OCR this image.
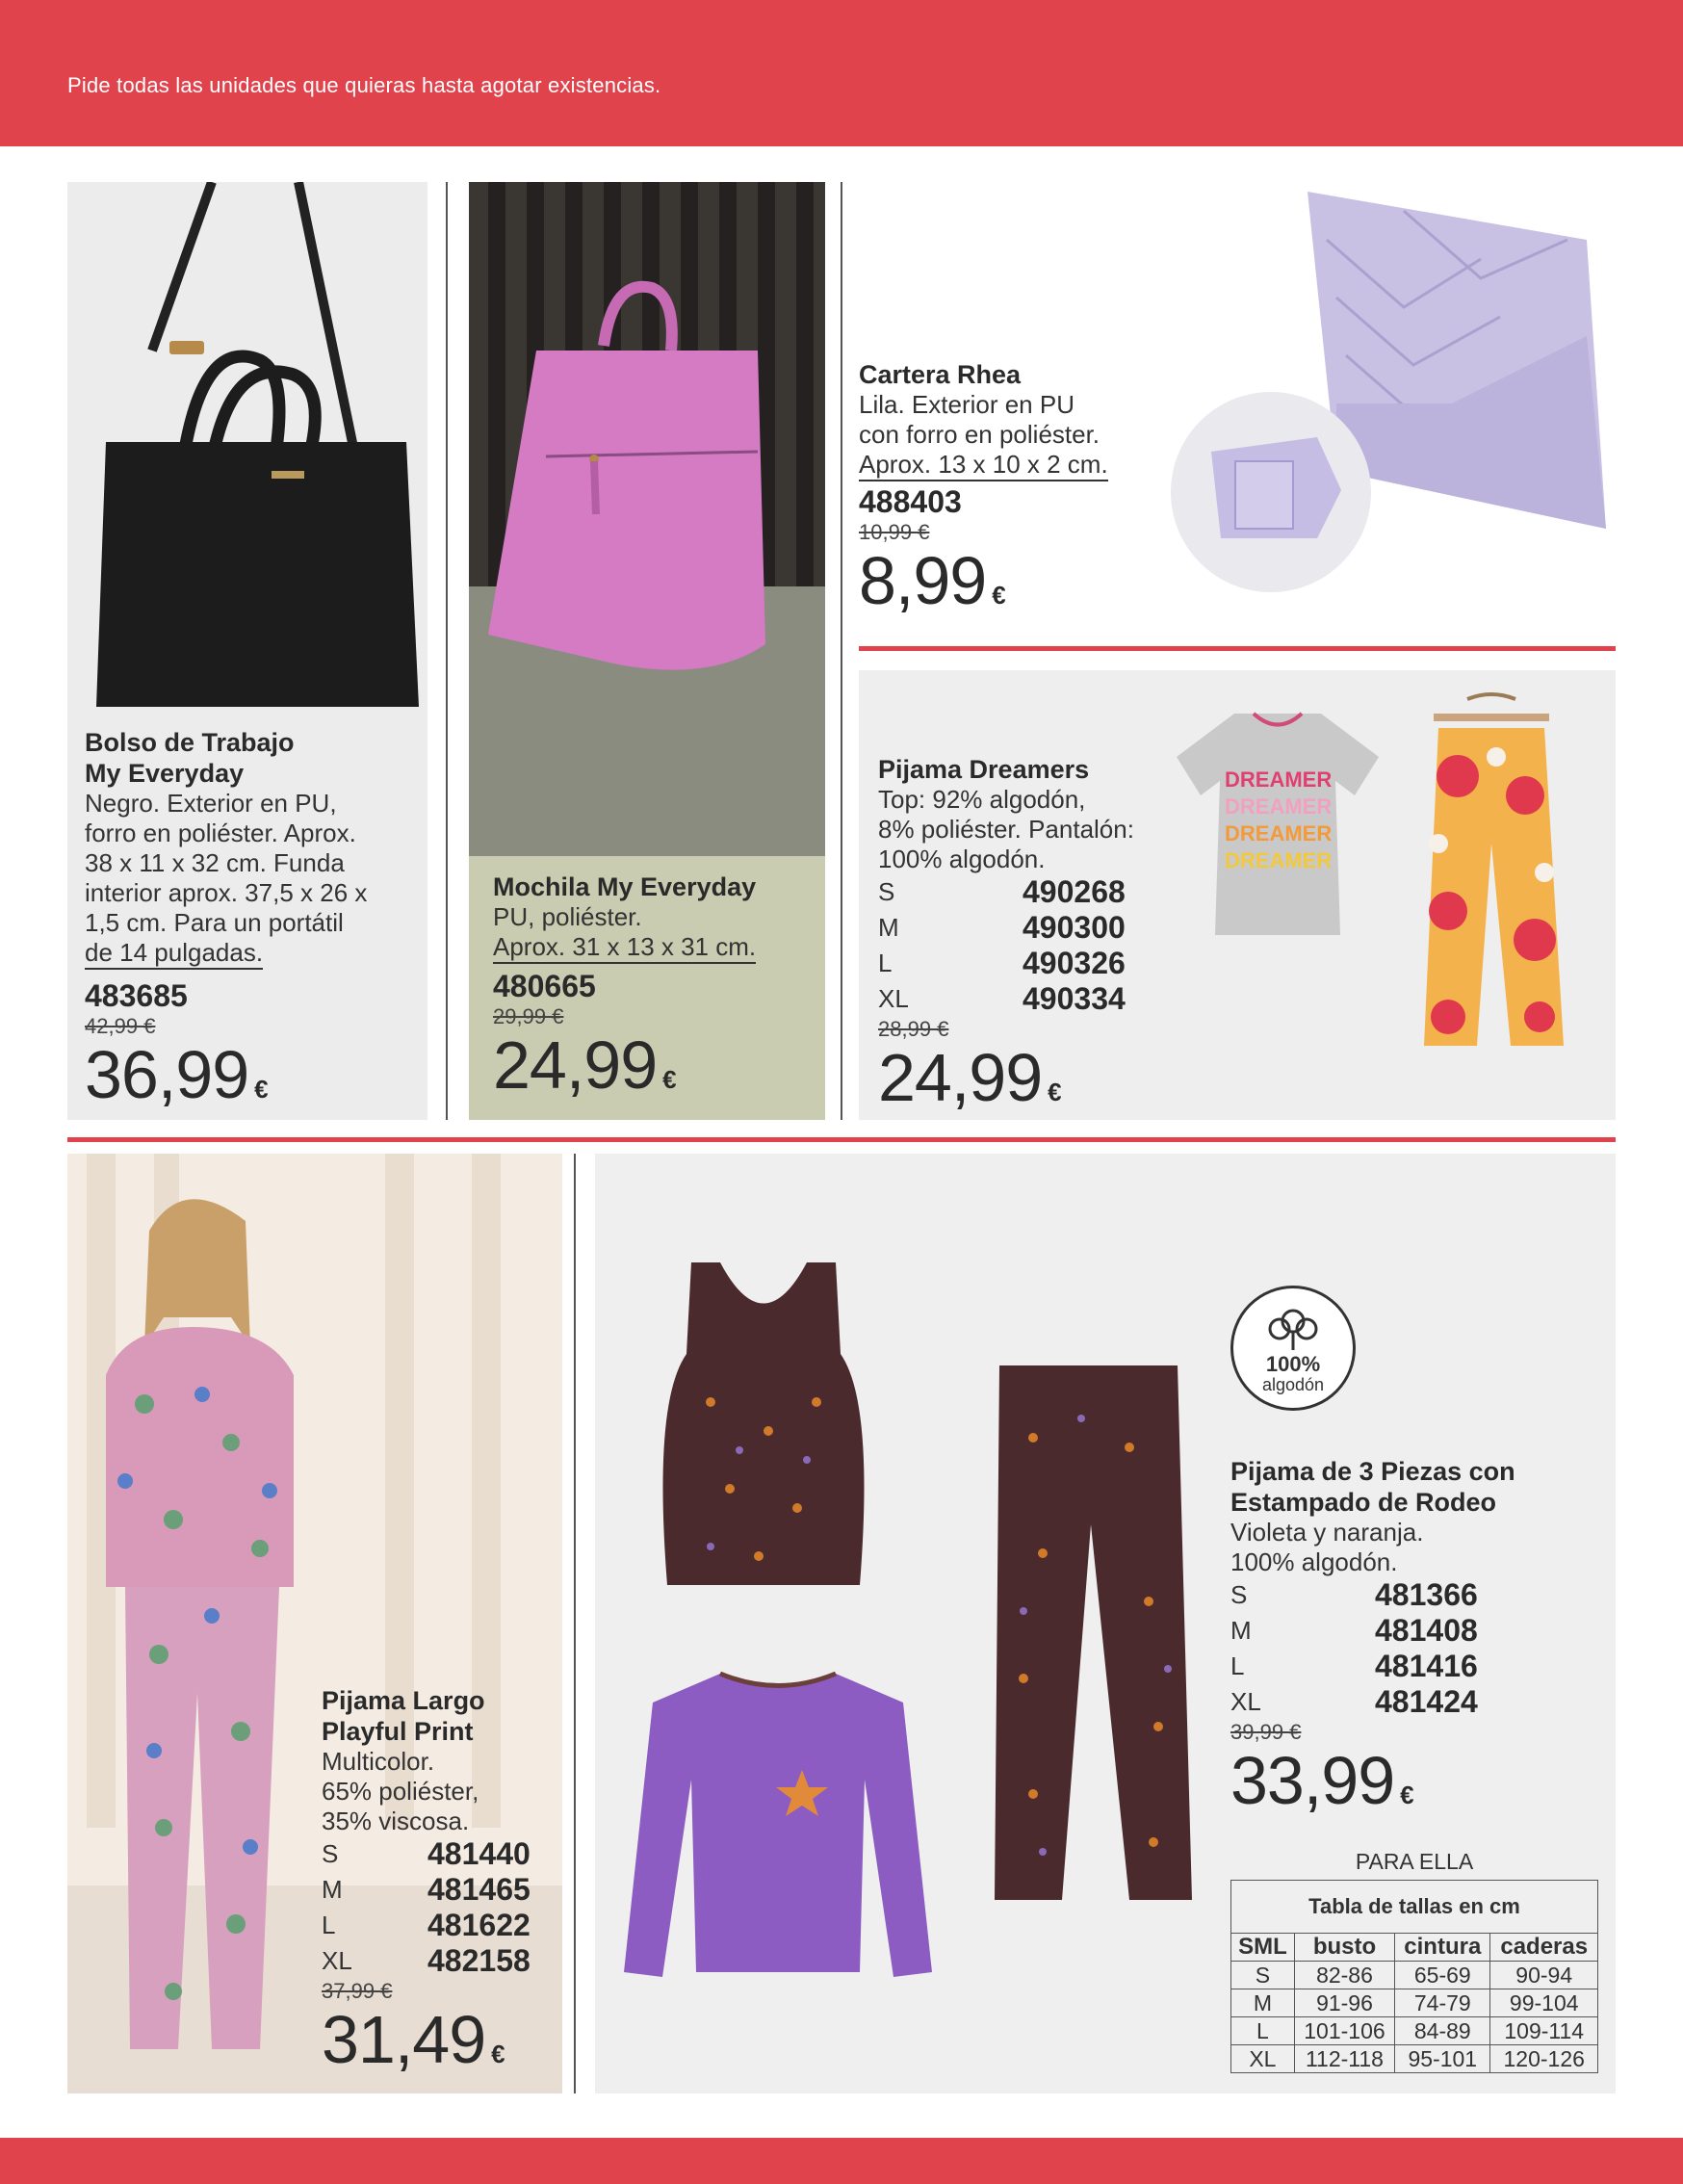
Pide todas las unidades que quieras hasta agotar existencias.
Bolso de Trabajo
My Everyday
Negro. Exterior en PU,
forro en poliéster. Aprox.
38 x 11 x 32 cm. Funda
interior aprox. 37,5 x 26 x
1,5 cm. Para un portátil
de 14 pulgadas.
483685
42,99 €
36,99 €
Mochila My Everyday
PU, poliéster.
Aprox. 31 x 13 x 31 cm.
480665
29,99 €
24,99 €
Cartera Rhea
Lila. Exterior en PU
con forro en poliéster.
Aprox. 13 x 10 x 2 cm.
488403
10,99 €
8,99 €
Pijama Dreamers
Top: 92% algodón,
8% poliéster. Pantalón:
100% algodón.
S	490268
M	490300
L	490326
XL	490334
28,99 €
24,99 €
DREAMER
DREAMER
DREAMER
DREAMER
Pijama Largo
Playful Print
Multicolor.
65% poliéster,
35% viscosa.
S	481440
M	481465
L	481622
XL	482158
37,99 €
31,49 €
100%
algodón
Pijama de 3 Piezas con
Estampado de Rodeo
Violeta y naranja.
100% algodón.
S	481366
M	481408
L	481416
XL	481424
39,99 €
33,99 €
PARA ELLA
Tabla de tallas en cm			
SML	busto	cintura	caderas
S	82-86	65-69	90-94
M	91-96	74-79	99-104
L	101-106	84-89	109-114
XL	112-118	95-101	120-126
